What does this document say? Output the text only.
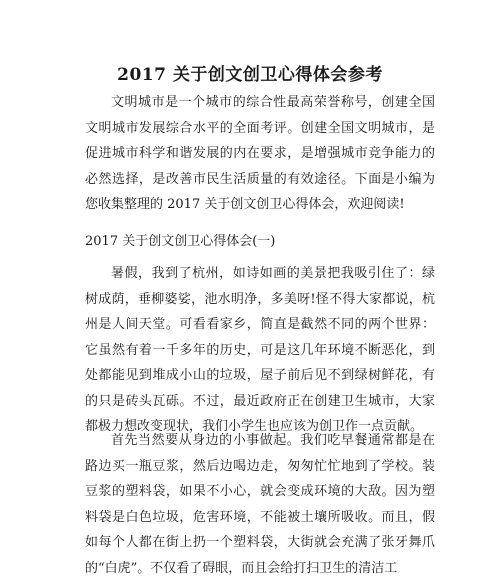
2017 关于创文创卫心得体会参考

文明城市是一个城市的综合性最高荣誉称号，创建全国文明城市发展综合水平的全面考评。创建全国文明城市，是促进城市科学和谐发展的内在要求，是增强城市竞争能力的必然选择，是改善市民生活质量的有效途径。下面是小编为您收集整理的 2017 关于创文创卫心得体会，欢迎阅读!

2017 关于创文创卫心得体会(一)

暑假，我到了杭州，如诗如画的美景把我吸引住了：绿树成荫，垂柳婆娑，池水明净，多美呀!怪不得大家都说，杭州是人间天堂。可看看家乡，简直是截然不同的两个世界：它虽然有着一千多年的历史，可是这几年环境不断恶化，到处都能见到堆成小山的垃圾，屋子前后见不到绿树鲜花，有的只是砖头瓦砾。不过，最近政府正在创建卫生城市，大家都极力想改变现状，我们小学生也应该为创卫作一点贡献。

首先当然要从身边的小事做起。我们吃早餐通常都是在路边买一瓶豆浆，然后边喝边走，匆匆忙忙地到了学校。装豆浆的塑料袋，如果不小心，就会变成环境的大敌。因为塑料袋是白色垃圾，危害环境，不能被土壤所吸收。而且，假如每个人都在街上扔一个塑料袋，大街就会充满了张牙舞爪的“白虎”。不仅看了碍眼，而且会给打扫卫生的清洁工
